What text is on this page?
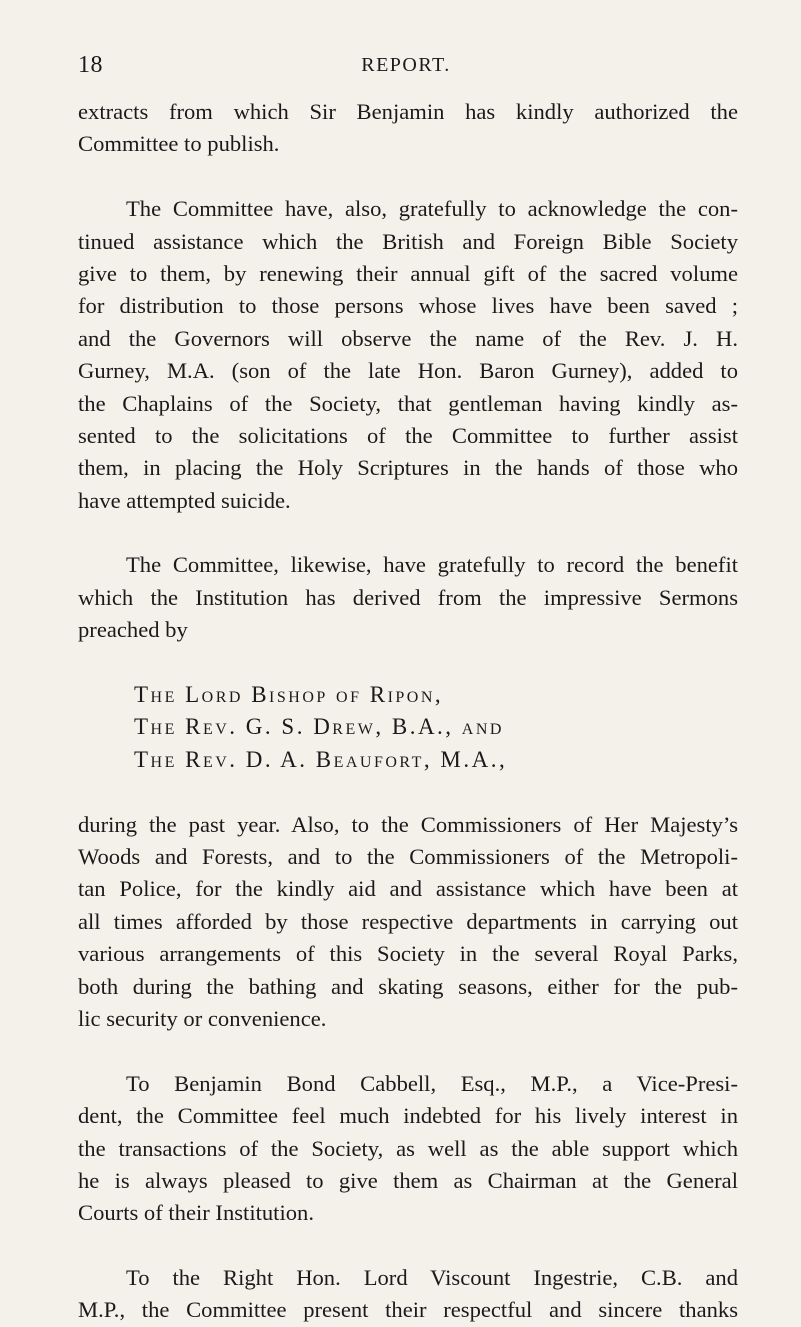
18	REPORT.
extracts from which Sir Benjamin has kindly authorized the
Committee to publish.
The Committee have, also, gratefully to acknowledge the con-
tinued assistance which the British and Foreign Bible Society
give to them, by renewing their annual gift of the sacred volume
for distribution to those persons whose lives have been saved ;
and the Governors will observe the name of the Rev. J. H.
Gurney, M.A. (son of the late Hon. Baron Gurney), added to
the Chaplains of the Society, that gentleman having kindly as-
sented to the solicitations of the Committee to further assist
them, in placing the Holy Scriptures in the hands of those who
have attempted suicide.
The Committee, likewise, have gratefully to record the benefit
which the Institution has derived from the impressive Sermons
preached by
The Lord Bishop of Ripon,
The Rev. G. S. Drew, B.A., and
The Rev. D. A. Beaufort, M.A.,
during the past year. Also, to the Commissioners of Her Majesty’s
Woods and Forests, and to the Commissioners of the Metropoli-
tan Police, for the kindly aid and assistance which have been at
all times afforded by those respective departments in carrying out
various arrangements of this Society in the several Royal Parks,
both during the bathing and skating seasons, either for the pub-
lic security or convenience.
To Benjamin Bond Cabbell, Esq., M.P., a Vice-Presi-
dent, the Committee feel much indebted for his lively interest in
the transactions of the Society, as well as the able support which
he is always pleased to give them as Chairman at the General
Courts of their Institution.
To the Right Hon. Lord Viscount Ingestrie, C.B. and
M.P., the Committee present their respectful and sincere thanks
